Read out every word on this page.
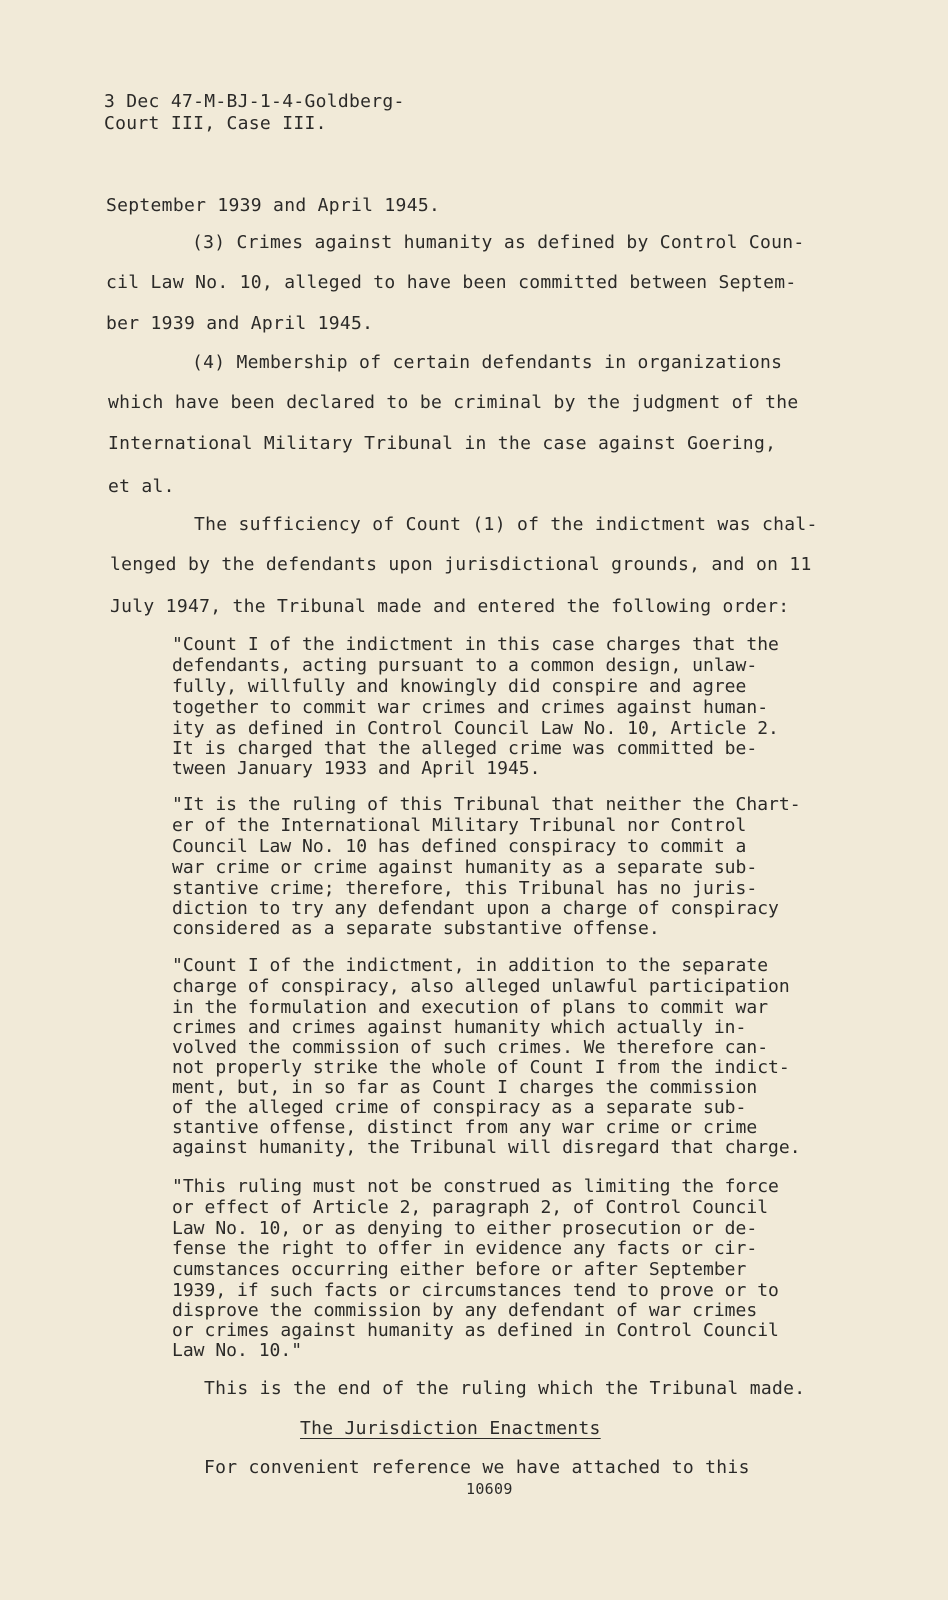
3 Dec 47-M-BJ-1-4-Goldberg-
Court III, Case III.
September 1939 and April 1945.
(3) Crimes against humanity as defined by Control Coun-
cil Law No. 10, alleged to have been committed between Septem-
ber 1939 and April 1945.
(4) Membership of certain defendants in organizations
which have been declared to be criminal by the judgment of the
International Military Tribunal in the case against Goering,
et al.
The sufficiency of Count (1) of the indictment was chal-
lenged by the defendants upon jurisdictional grounds, and on 11
July 1947, the Tribunal made and entered the following order:
"Count I of the indictment in this case charges that the
defendants, acting pursuant to a common design, unlaw-
fully, willfully and knowingly did conspire and agree
together to commit war crimes and crimes against human-
ity as defined in Control Council Law No. 10, Article 2.
It is charged that the alleged crime was committed be-
tween January 1933 and April 1945.
"It is the ruling of this Tribunal that neither the Chart-
er of the International Military Tribunal nor Control
Council Law No. 10 has defined conspiracy to commit a
war crime or crime against humanity as a separate sub-
stantive crime; therefore, this Tribunal has no juris-
diction to try any defendant upon a charge of conspiracy
considered as a separate substantive offense.
"Count I of the indictment, in addition to the separate
charge of conspiracy, also alleged unlawful participation
in the formulation and execution of plans to commit war
crimes and crimes against humanity which actually in-
volved the commission of such crimes. We therefore can-
not properly strike the whole of Count I from the indict-
ment, but, in so far as Count I charges the commission
of the alleged crime of conspiracy as a separate sub-
stantive offense, distinct from any war crime or crime
against humanity, the Tribunal will disregard that charge.
"This ruling must not be construed as limiting the force
or effect of Article 2, paragraph 2, of Control Council
Law No. 10, or as denying to either prosecution or de-
fense the right to offer in evidence any facts or cir-
cumstances occurring either before or after September
1939, if such facts or circumstances tend to prove or to
disprove the commission by any defendant of war crimes
or crimes against humanity as defined in Control Council
Law No. 10."
This is the end of the ruling which the Tribunal made.
The Jurisdiction Enactments
For convenient reference we have attached to this
10609
